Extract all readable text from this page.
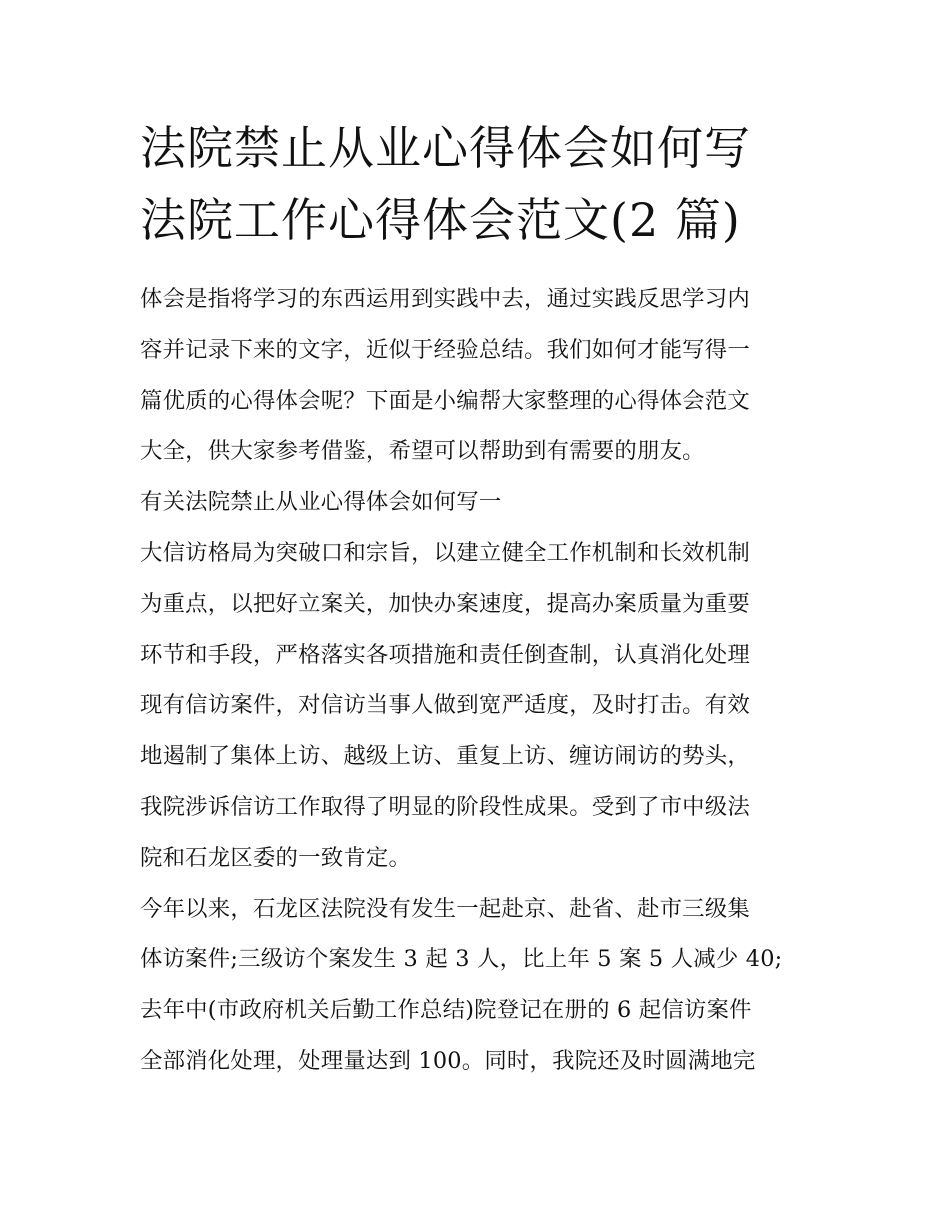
法院禁止从业心得体会如何写
法院工作心得体会范文(2 篇)
体会是指将学习的东西运用到实践中去，通过实践反思学习内
容并记录下来的文字，近似于经验总结。我们如何才能写得一
篇优质的心得体会呢？下面是小编帮大家整理的心得体会范文
大全，供大家参考借鉴，希望可以帮助到有需要的朋友。
有关法院禁止从业心得体会如何写一
大信访格局为突破口和宗旨，以建立健全工作机制和长效机制
为重点，以把好立案关，加快办案速度，提高办案质量为重要
环节和手段，严格落实各项措施和责任倒查制，认真消化处理
现有信访案件，对信访当事人做到宽严适度，及时打击。有效
地遏制了集体上访、越级上访、重复上访、缠访闹访的势头，
我院涉诉信访工作取得了明显的阶段性成果。受到了市中级法
院和石龙区委的一致肯定。
今年以来，石龙区法院没有发生一起赴京、赴省、赴市三级集
体访案件;三级访个案发生 3 起 3 人，比上年 5 案 5 人减少 40;
去年中(市政府机关后勤工作总结)院登记在册的 6 起信访案件
全部消化处理，处理量达到 100。同时，我院还及时圆满地完
